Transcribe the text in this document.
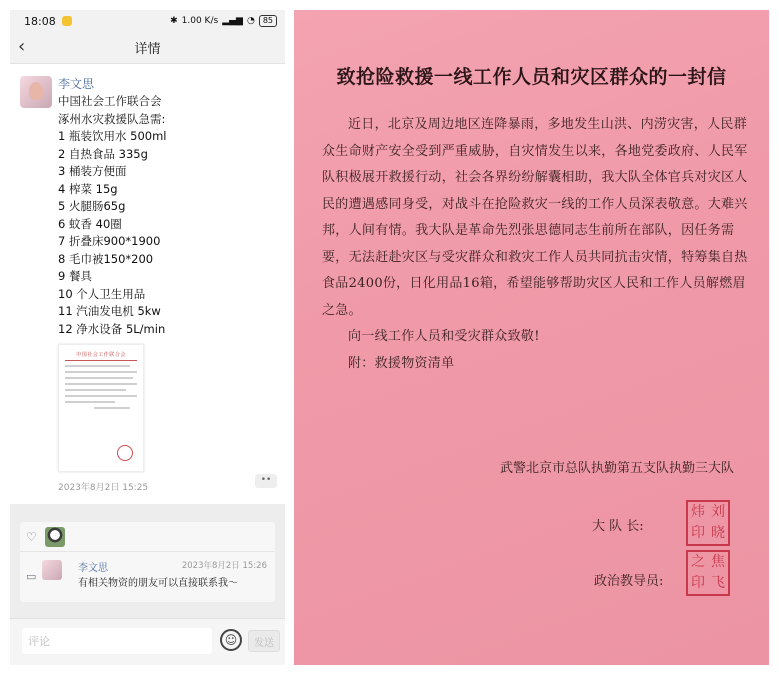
18:08	✱ 1.00 K/s ▂▄▆ ◔	85
‹	详情
李文思
中国社会工作联合会
涿州水灾救援队急需:
1 瓶装饮用水 500ml
2 自热食品 335g
3 桶装方便面
4 榨菜 15g
5 火腿肠65g
6 蚊香 40圈
7 折叠床900*1900
8 毛巾被150*200
9 餐具
10 个人卫生用品
11 汽油发电机 5kw
12 净水设备 5L/min
中国社会工作联合会
2023年8月2日 15:25
••
♡
▭
李文思	2023年8月2日 15:26
有相关物资的朋友可以直接联系我～
评论
☺	发送
致抢险救援一线工作人员和灾区群众的一封信

近日，北京及周边地区连降暴雨，多地发生山洪、内涝灾害，人民群众生命财产安全受到严重威胁，自灾情发生以来，各地党委政府、人民军队积极展开救援行动，社会各界纷纷解囊相助，我大队全体官兵对灾区人民的遭遇感同身受，对战斗在抢险救灾一线的工作人员深表敬意。大难兴邦，人间有情。我大队是革命先烈张思德同志生前所在部队，因任务需要，无法赶赴灾区与受灾群众和救灾工作人员共同抗击灾情，特筹集自热食品2400份，日化用品16箱，希望能够帮助灾区人民和工作人员解燃眉之急。

向一线工作人员和受灾群众致敬!

附：救援物资清单

武警北京市总队执勤第五支队执勤三大队
大 队 长:
炜 刘
印 晓
政治教导员:
之 焦
印 飞
